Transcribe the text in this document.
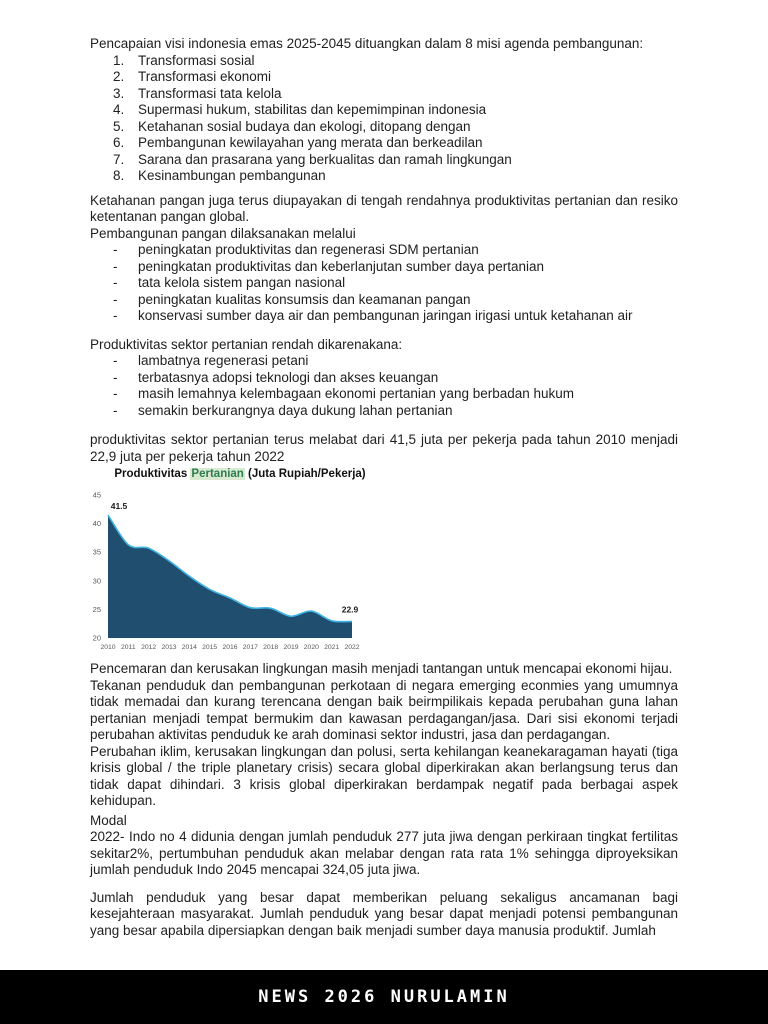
Pencapaian visi indonesia emas 2025-2045 dituangkan dalam 8 misi agenda pembangunan:

1.	Transformasi sosial
2.	Transformasi ekonomi
3.	Transformasi tata kelola
4.	Supermasi hukum, stabilitas dan kepemimpinan indonesia
5.	Ketahanan sosial budaya dan ekologi, ditopang dengan
6.	Pembangunan kewilayahan yang merata dan berkeadilan
7.	Sarana dan prasarana yang berkualitas dan ramah lingkungan
8.	Kesinambungan pembangunan

Ketahanan pangan juga terus diupayakan di tengah rendahnya produktivitas pertanian dan resiko ketentanan pangan global.

Pembangunan pangan dilaksanakan melalui

-	peningkatan produktivitas dan regenerasi SDM pertanian
-	peningkatan produktivitas dan keberlanjutan sumber daya pertanian
-	tata kelola sistem pangan nasional
-	peningkatan kualitas konsumsis dan keamanan pangan
-	konservasi sumber daya air dan pembangunan jaringan irigasi untuk ketahanan air

Produktivitas sektor pertanian rendah dikarenakana:

-	lambatnya regenerasi petani
-	terbatasnya adopsi teknologi dan akses keuangan
-	masih lemahnya kelembagaan ekonomi pertanian yang berbadan hukum
-	semakin berkurangnya daya dukung lahan pertanian

produktivitas sektor pertanian terus melabat dari 41,5 juta per pekerja pada tahun 2010 menjadi 22,9 juta per pekerja tahun 2022

Produktivitas Pertanian (Juta Rupiah/Pekerja)
20
25
30
35
40
45
2010 2011 2012 2013 2014 2015 2016 2017 2018 2019 2020 2021 2022
41.5
22.9

Pencemaran dan kerusakan lingkungan masih menjadi tantangan untuk mencapai ekonomi hijau.

Tekanan penduduk dan pembangunan perkotaan di negara emerging econmies yang umumnya tidak memadai dan kurang terencana dengan baik beirmpilikais kepada perubahan guna lahan pertanian menjadi tempat bermukim dan kawasan perdagangan/jasa. Dari sisi ekonomi terjadi perubahan aktivitas penduduk ke arah dominasi sektor industri, jasa dan perdagangan.

Perubahan iklim, kerusakan lingkungan dan polusi, serta kehilangan keanekaragaman hayati (tiga krisis global / the triple planetary crisis) secara global diperkirakan akan berlangsung terus dan tidak dapat dihindari. 3 krisis global diperkirakan berdampak negatif pada berbagai aspek kehidupan.

Modal

2022- Indo no 4 didunia dengan jumlah penduduk 277 juta jiwa dengan perkiraan tingkat fertilitas sekitar2%, pertumbuhan penduduk akan melabar dengan rata rata 1% sehingga diproyeksikan jumlah penduduk Indo 2045 mencapai 324,05 juta jiwa.

Jumlah penduduk yang besar dapat memberikan peluang sekaligus ancamanan bagi kesejahteraan masyarakat. Jumlah penduduk yang besar dapat menjadi potensi pembangunan yang besar apabila dipersiapkan dengan baik menjadi sumber daya manusia produktif. Jumlah

NEWS 2026 NURULAMIN
